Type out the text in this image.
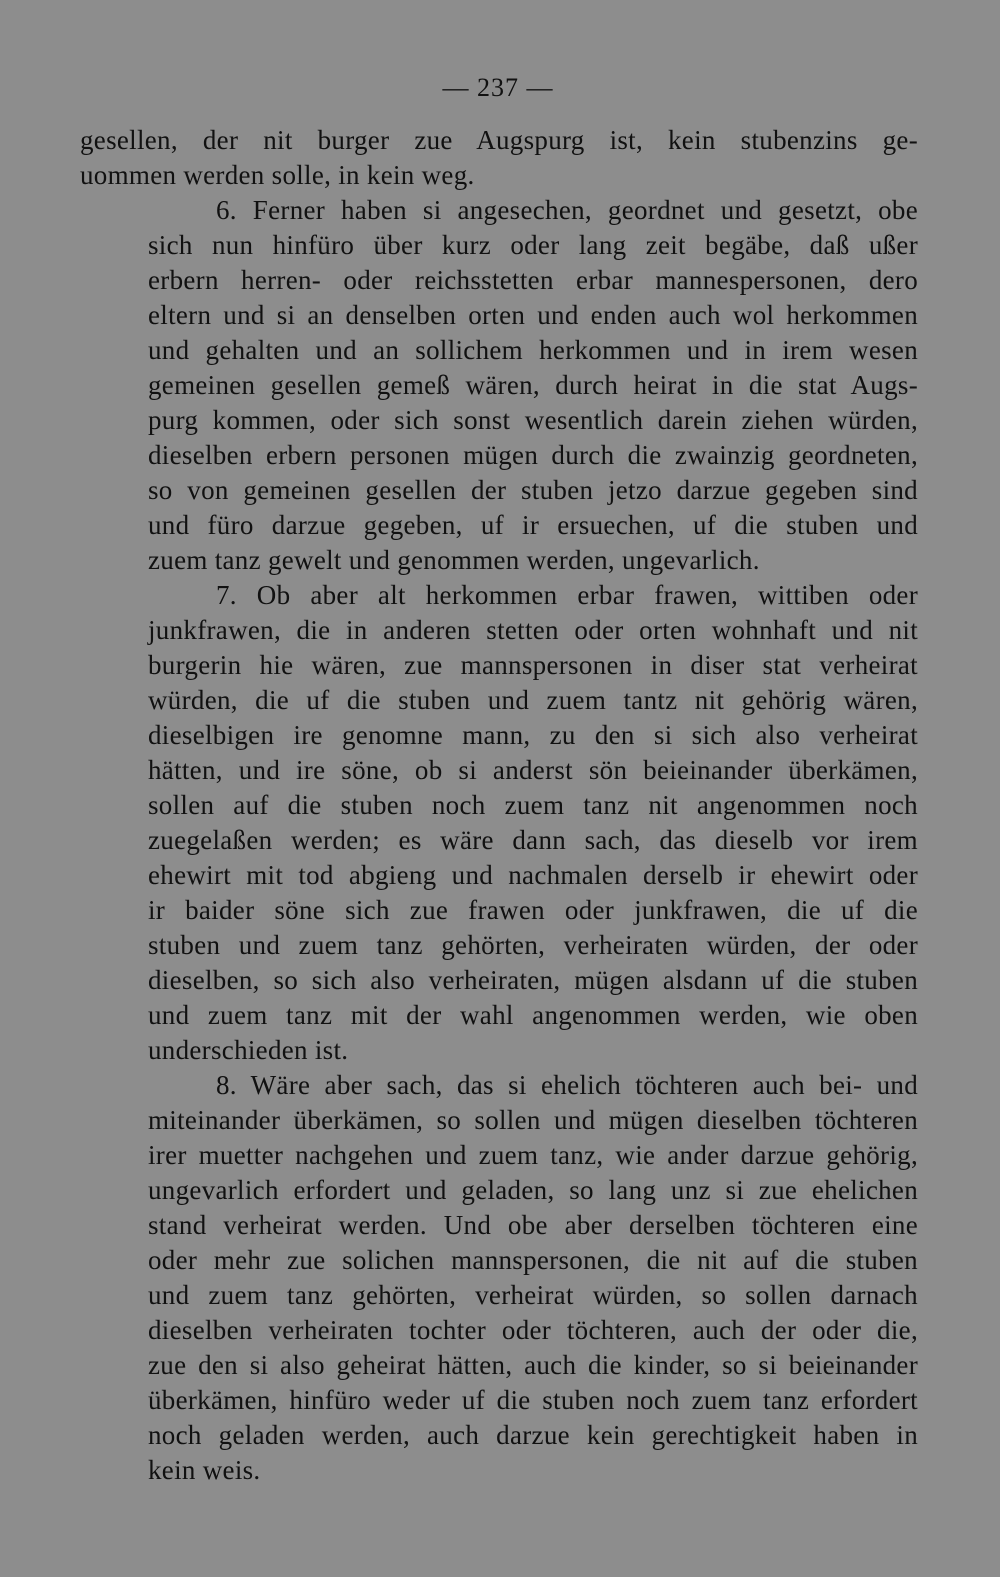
— 237 —
gesellen, der nit burger zue Augspurg ist, kein stubenzins ge-
uommen werden solle, in kein weg.
6. Ferner haben si angesechen, geordnet und gesetzt, obe
sich nun hinfüro über kurz oder lang zeit begäbe, daß ußer
erbern herren- oder reichsstetten erbar mannespersonen, dero
eltern und si an denselben orten und enden auch wol herkommen
und gehalten und an sollichem herkommen und in irem wesen
gemeinen gesellen gemeß wären, durch heirat in die stat Augs-
purg kommen, oder sich sonst wesentlich darein ziehen würden,
dieselben erbern personen mügen durch die zwainzig geordneten,
so von gemeinen gesellen der stuben jetzo darzue gegeben sind
und füro darzue gegeben, uf ir ersuechen, uf die stuben und
zuem tanz gewelt und genommen werden, ungevarlich.
7. Ob aber alt herkommen erbar frawen, wittiben oder
junkfrawen, die in anderen stetten oder orten wohnhaft und nit
burgerin hie wären, zue mannspersonen in diser stat verheirat
würden, die uf die stuben und zuem tantz nit gehörig wären,
dieselbigen ire genomne mann, zu den si sich also verheirat
hätten, und ire söne, ob si anderst sön beieinander überkämen,
sollen auf die stuben noch zuem tanz nit angenommen noch
zuegelaßen werden; es wäre dann sach, das dieselb vor irem
ehewirt mit tod abgieng und nachmalen derselb ir ehewirt oder
ir baider söne sich zue frawen oder junkfrawen, die uf die
stuben und zuem tanz gehörten, verheiraten würden, der oder
dieselben, so sich also verheiraten, mügen alsdann uf die stuben
und zuem tanz mit der wahl angenommen werden, wie oben
underschieden ist.
8. Wäre aber sach, das si ehelich töchteren auch bei- und
miteinander überkämen, so sollen und mügen dieselben töchteren
irer muetter nachgehen und zuem tanz, wie ander darzue gehörig,
ungevarlich erfordert und geladen, so lang unz si zue ehelichen
stand verheirat werden. Und obe aber derselben töchteren eine
oder mehr zue solichen mannspersonen, die nit auf die stuben
und zuem tanz gehörten, verheirat würden, so sollen darnach
dieselben verheiraten tochter oder töchteren, auch der oder die,
zue den si also geheirat hätten, auch die kinder, so si beieinander
überkämen, hinfüro weder uf die stuben noch zuem tanz erfordert
noch geladen werden, auch darzue kein gerechtigkeit haben in
kein weis.
